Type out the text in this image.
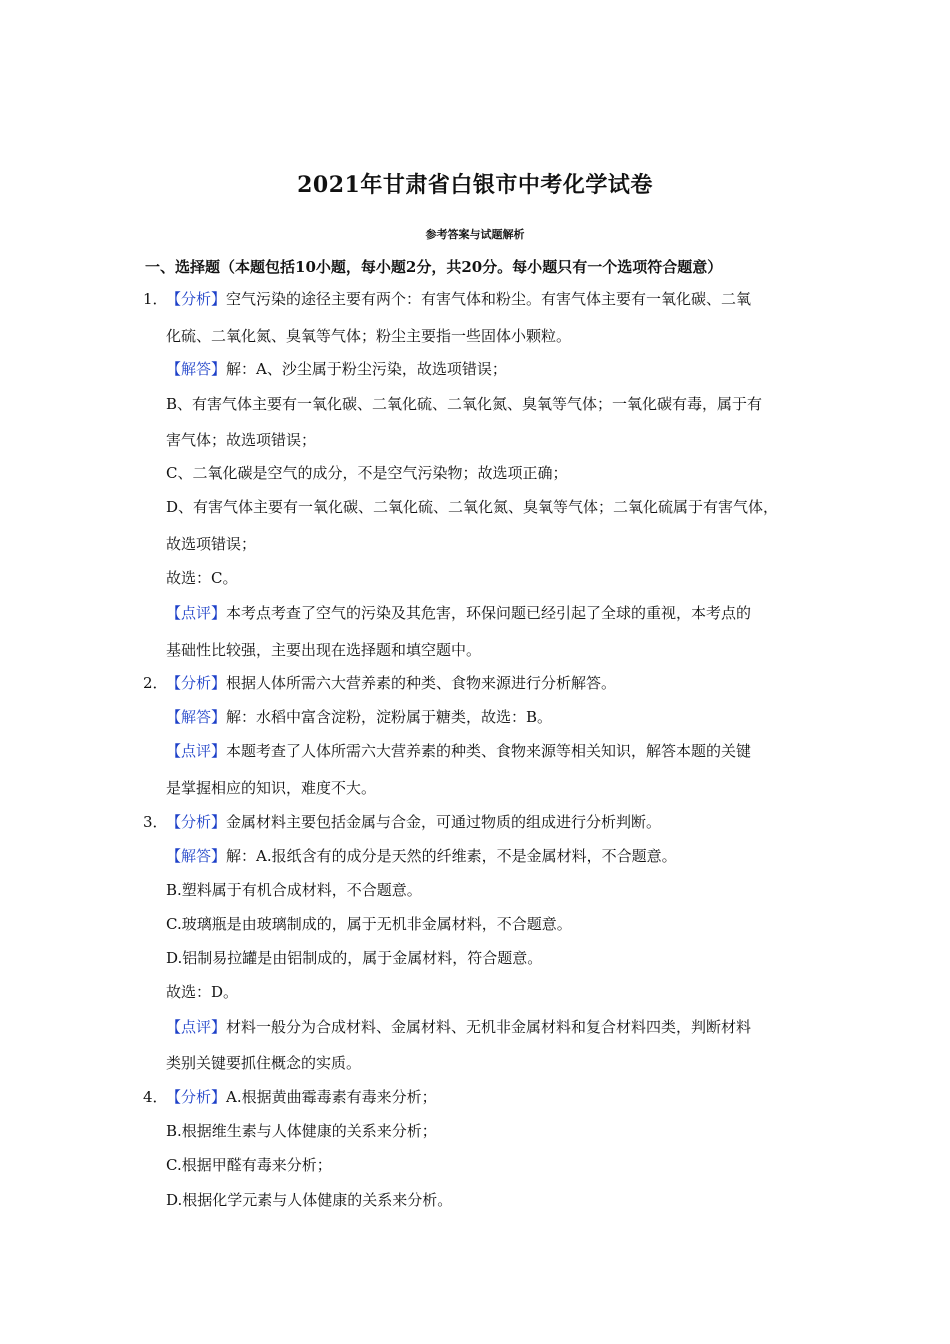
2021年甘肃省白银市中考化学试卷
参考答案与试题解析
一、选择题（本题包括10小题，每小题2分，共20分。每小题只有一个选项符合题意）
1．
【分析】空气污染的途径主要有两个：有害气体和粉尘。有害气体主要有一氧化碳、二氧
化硫、二氧化氮、臭氧等气体；粉尘主要指一些固体小颗粒。
【解答】解：A、沙尘属于粉尘污染，故选项错误；
B、有害气体主要有一氧化碳、二氧化硫、二氧化氮、臭氧等气体；一氧化碳有毒，属于有
害气体；故选项错误；
C、二氧化碳是空气的成分，不是空气污染物；故选项正确；
D、有害气体主要有一氧化碳、二氧化硫、二氧化氮、臭氧等气体；二氧化硫属于有害气体，
故选项错误；
故选：C。
【点评】本考点考查了空气的污染及其危害，环保问题已经引起了全球的重视，本考点的
基础性比较强，主要出现在选择题和填空题中。
2．
【分析】根据人体所需六大营养素的种类、食物来源进行分析解答。
【解答】解：水稻中富含淀粉，淀粉属于糖类，故选：B。
【点评】本题考查了人体所需六大营养素的种类、食物来源等相关知识，解答本题的关键
是掌握相应的知识，难度不大。
3．
【分析】金属材料主要包括金属与合金，可通过物质的组成进行分析判断。
【解答】解：A.报纸含有的成分是天然的纤维素，不是金属材料，不合题意。
B.塑料属于有机合成材料，不合题意。
C.玻璃瓶是由玻璃制成的，属于无机非金属材料，不合题意。
D.铝制易拉罐是由铝制成的，属于金属材料，符合题意。
故选：D。
【点评】材料一般分为合成材料、金属材料、无机非金属材料和复合材料四类，判断材料
类别关键要抓住概念的实质。
4．
【分析】A.根据黄曲霉毒素有毒来分析；
B.根据维生素与人体健康的关系来分析；
C.根据甲醛有毒来分析；
D.根据化学元素与人体健康的关系来分析。
